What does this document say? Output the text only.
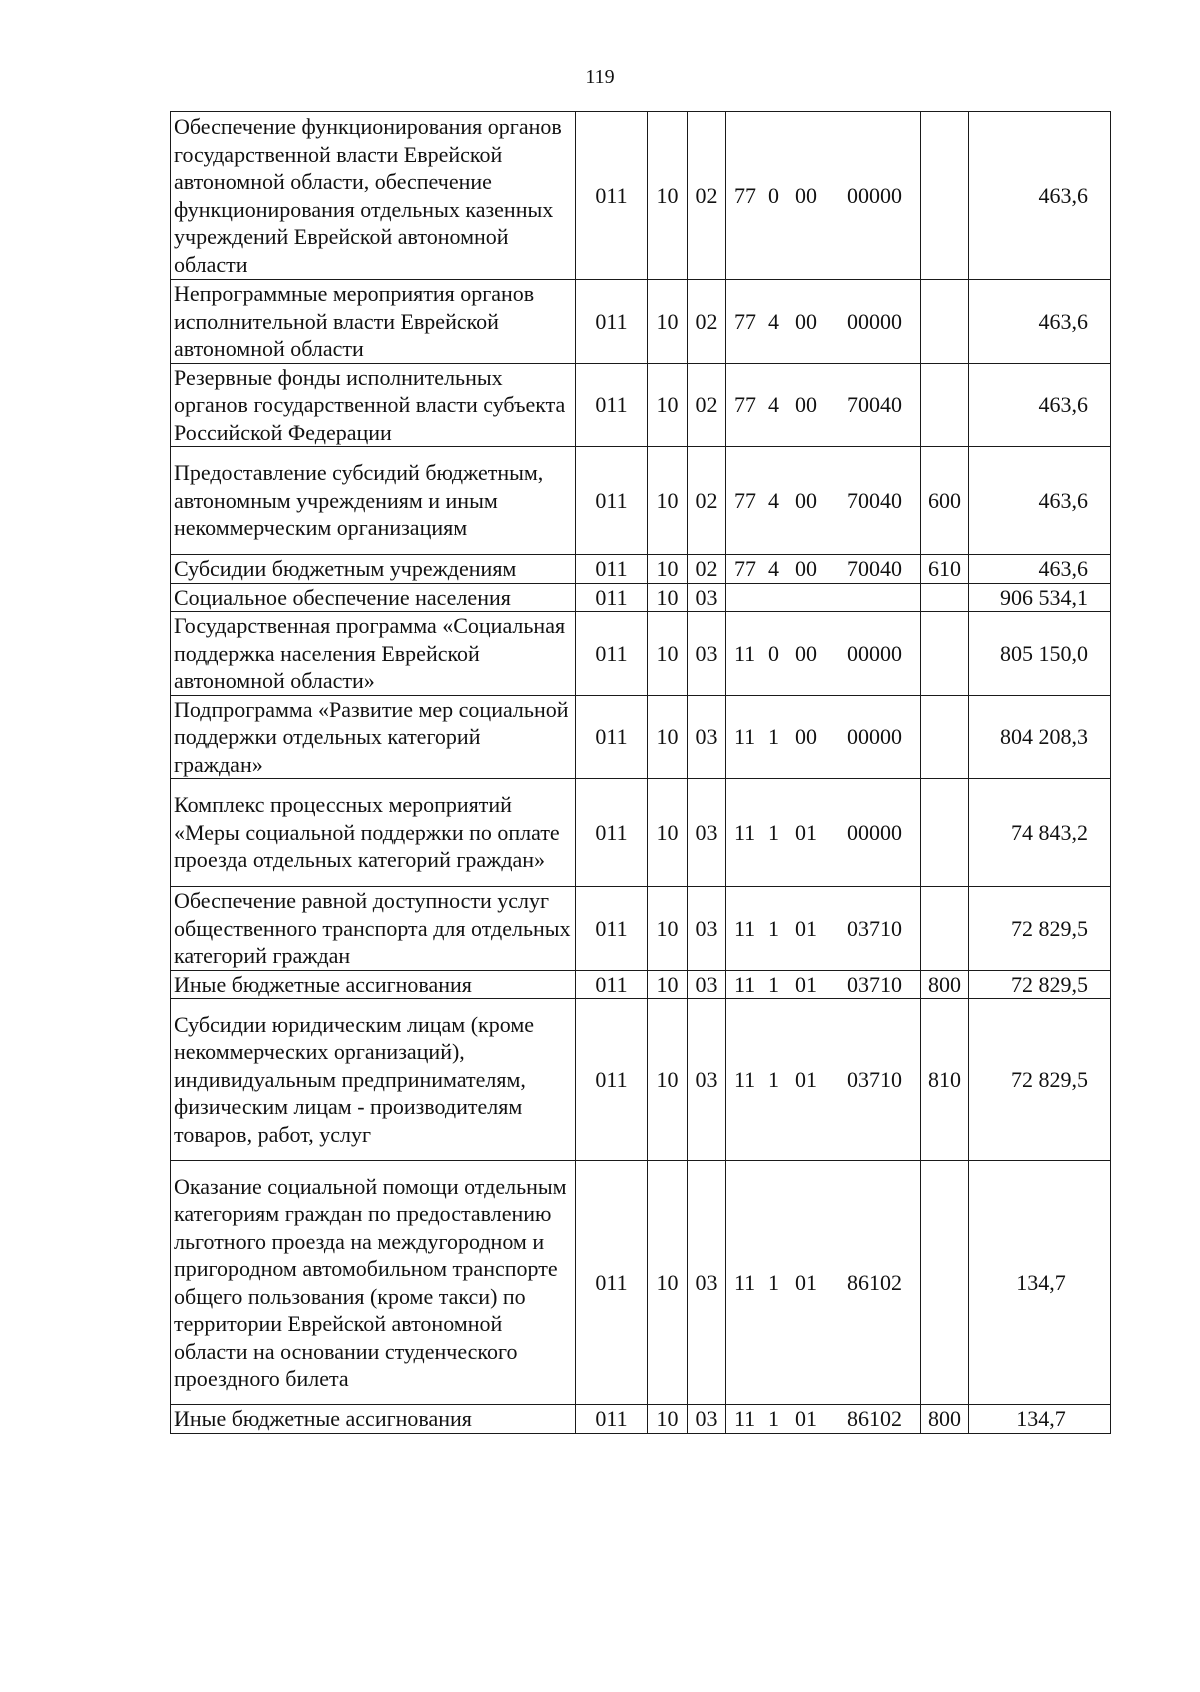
119
Обеспечение функционирования органов государственной власти Еврейской автономной области, обеспечение функционирования отдельных казенных учреждений Еврейской автономной области	011	10	02	77 0 00 00000		463,6
Непрограммные мероприятия органов исполнительной власти Еврейской автономной области	011	10	02	77 4 00 00000		463,6
Резервные фонды исполнительных органов государственной власти субъекта Российской Федерации	011	10	02	77 4 00 70040		463,6
Предоставление субсидий бюджетным, автономным учреждениям и иным некоммерческим организациям	011	10	02	77 4 00 70040	600	463,6
Субсидии бюджетным учреждениям	011	10	02	77 4 00 70040	610	463,6
Социальное обеспечение населения	011	10	03			906 534,1
Государственная программа «Социальная поддержка населения Еврейской автономной области»	011	10	03	11 0 00 00000		805 150,0
Подпрограмма «Развитие мер социальной поддержки отдельных категорий граждан»	011	10	03	11 1 00 00000		804 208,3
Комплекс процессных мероприятий «Меры социальной поддержки по оплате проезда отдельных категорий граждан»	011	10	03	11 1 01 00000		74 843,2
Обеспечение равной доступности услуг общественного транспорта для отдельных категорий граждан	011	10	03	11 1 01 03710		72 829,5
Иные бюджетные ассигнования	011	10	03	11 1 01 03710	800	72 829,5
Субсидии юридическим лицам (кроме некоммерческих организаций), индивидуальным предпринимателям, физическим лицам - производителям товаров, работ, услуг	011	10	03	11 1 01 03710	810	72 829,5
Оказание социальной помощи отдельным категориям граждан по предоставлению льготного проезда на междугородном и пригородном автомобильном транспорте общего пользования (кроме такси) по территории Еврейской автономной области на основании студенческого проездного билета	011	10	03	11 1 01 86102		134,7
Иные бюджетные ассигнования	011	10	03	11 1 01 86102	800	134,7
